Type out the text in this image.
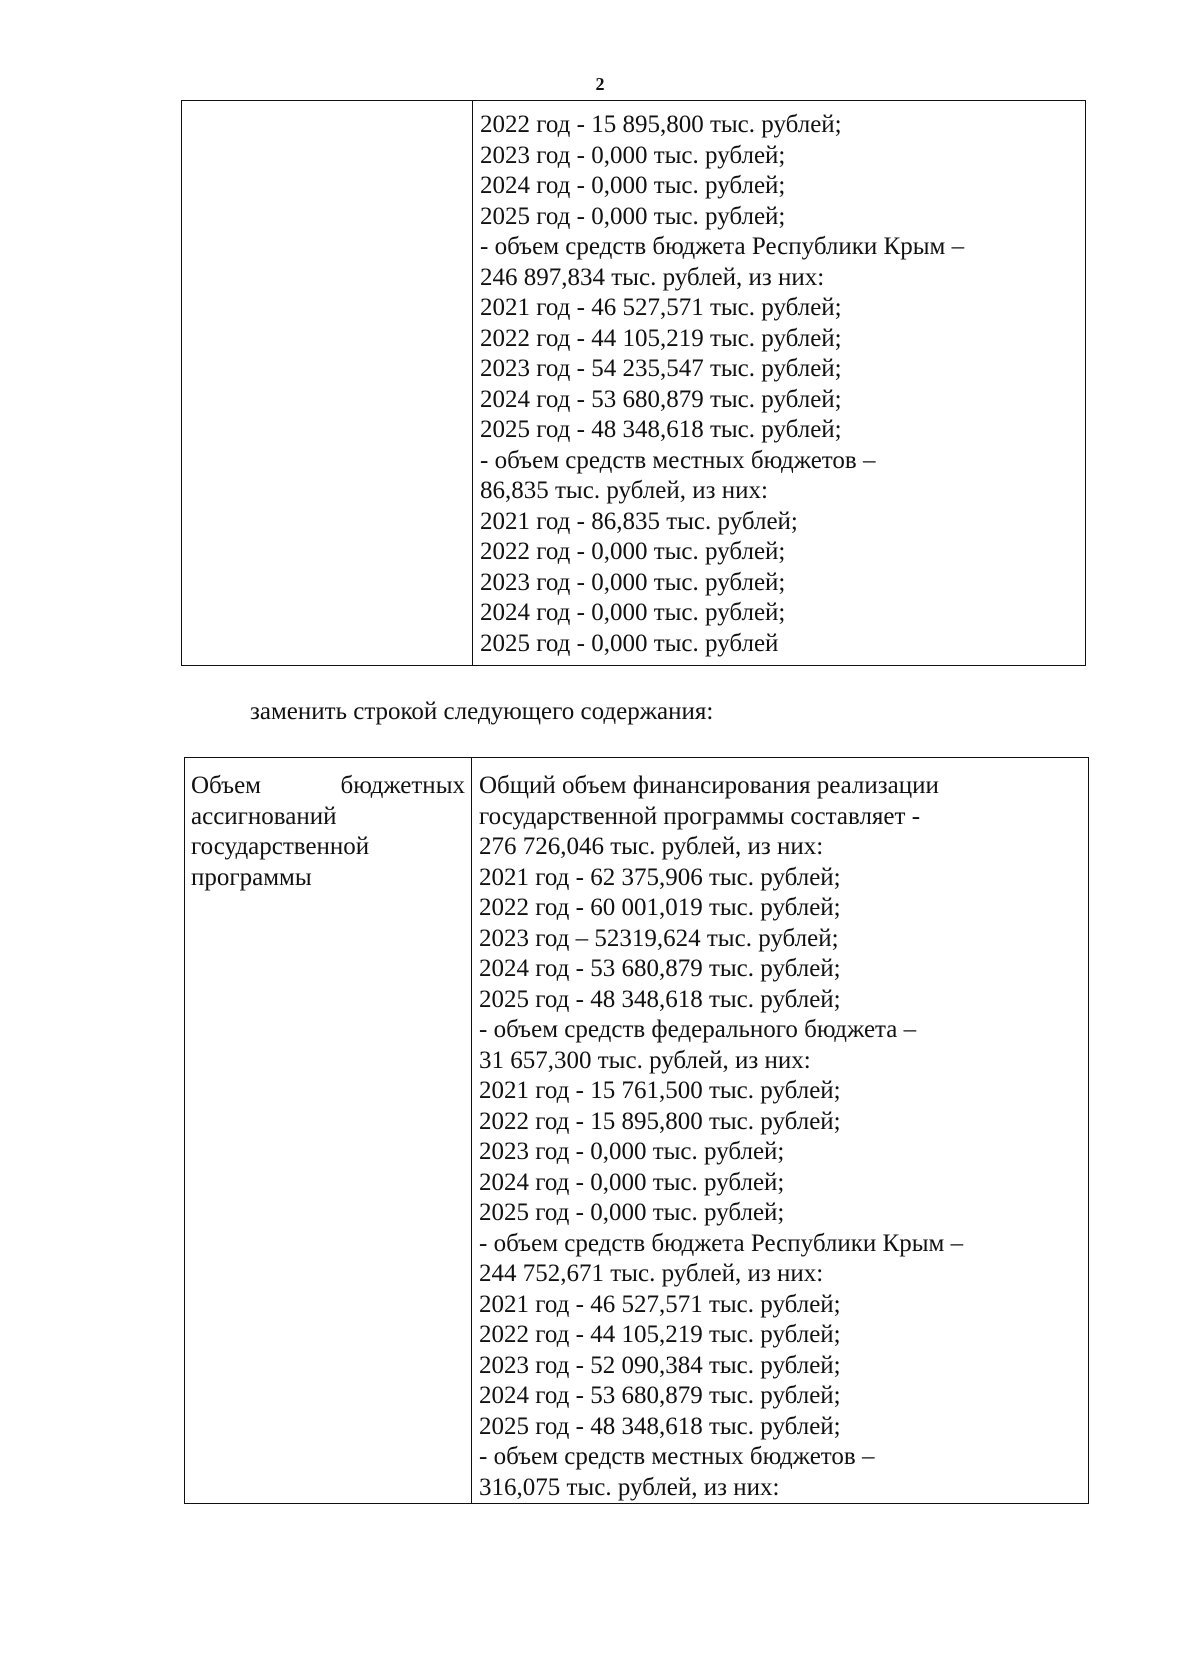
2

2022 год - 15 895,800 тыс. рублей;
2023 год - 0,000 тыс. рублей;
2024 год - 0,000 тыс. рублей;
2025 год - 0,000 тыс. рублей;
- объем средств бюджета Республики Крым –
246 897,834 тыс. рублей, из них:
2021 год - 46 527,571 тыс. рублей;
2022 год - 44 105,219 тыс. рублей;
2023 год - 54 235,547 тыс. рублей;
2024 год - 53 680,879 тыс. рублей;
2025 год - 48 348,618 тыс. рублей;
- объем средств местных бюджетов –
86,835 тыс. рублей, из них:
2021 год - 86,835 тыс. рублей;
2022 год - 0,000 тыс. рублей;
2023 год - 0,000 тыс. рублей;
2024 год - 0,000 тыс. рублей;
2025 год - 0,000 тыс. рублей
заменить строкой следующего содержания:
Объем	бюджетных
ассигнований
государственной
программы

Общий объем финансирования реализации
государственной программы составляет -
276 726,046 тыс. рублей, из них:
2021 год - 62 375,906 тыс. рублей;
2022 год - 60 001,019 тыс. рублей;
2023 год – 52319,624 тыс. рублей;
2024 год - 53 680,879 тыс. рублей;
2025 год - 48 348,618 тыс. рублей;
- объем средств федерального бюджета –
31 657,300 тыс. рублей, из них:
2021 год - 15 761,500 тыс. рублей;
2022 год - 15 895,800 тыс. рублей;
2023 год - 0,000 тыс. рублей;
2024 год - 0,000 тыс. рублей;
2025 год - 0,000 тыс. рублей;
- объем средств бюджета Республики Крым –
244 752,671 тыс. рублей, из них:
2021 год - 46 527,571 тыс. рублей;
2022 год - 44 105,219 тыс. рублей;
2023 год - 52 090,384 тыс. рублей;
2024 год - 53 680,879 тыс. рублей;
2025 год - 48 348,618 тыс. рублей;
- объем средств местных бюджетов –
316,075 тыс. рублей, из них:
